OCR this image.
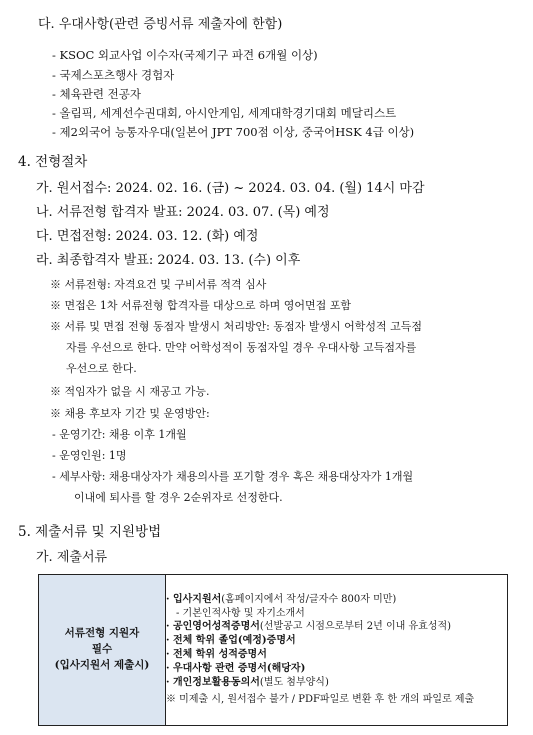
다. 우대사항(관련 증빙서류 제출자에 한함)
- KSOC 외교사업 이수자(국제기구 파견 6개월 이상)
- 국제스포츠행사 경험자
- 체육관련 전공자
- 올림픽, 세계선수권대회, 아시안게임, 세계대학경기대회 메달리스트
- 제2외국어 능통자우대(일본어 JPT 700점 이상, 중국어HSK 4급 이상)
4. 전형절차
가. 원서접수: 2024. 02. 16. (금) ~ 2024. 03. 04. (월) 14시 마감
나. 서류전형 합격자 발표: 2024. 03. 07. (목) 예정
다. 면접전형: 2024. 03. 12. (화) 예정
라. 최종합격자 발표: 2024. 03. 13. (수) 이후
※ 서류전형: 자격요건 및 구비서류 적격 심사
※ 면접은 1차 서류전형 합격자를 대상으로 하며 영어면접 포함
※ 서류 및 면접 전형 동점자 발생시 처리방안: 동점자 발생시 어학성적 고득점
자를 우선으로 한다. 만약 어학성적이 동점자일 경우 우대사항 고득점자를
우선으로 한다.
※ 적임자가 없을 시 재공고 가능.
※ 채용 후보자 기간 및 운영방안:
- 운영기간: 채용 이후 1개월
- 운영인원: 1명
- 세부사항: 채용대상자가 채용의사를 포기할 경우 혹은 채용대상자가 1개월
이내에 퇴사를 할 경우 2순위자로 선정한다.
5. 제출서류 및 지원방법
가. 제출서류
서류전형 지원자
필수
(입사지원서 제출시)

· 입사지원서(홈페이지에서 작성/글자수 800자 미만)
- 기본인적사항 및 자기소개서
· 공인영어성적증명서(선발공고 시점으로부터 2년 이내 유효성적)
· 전체 학위 졸업(예정)증명서
· 전체 학위 성적증명서
· 우대사항 관련 증명서(해당자)
· 개인정보활용동의서(별도 첨부양식)
※ 미제출 시, 원서접수 불가 / PDF파일로 변환 후 한 개의 파일로 제출
